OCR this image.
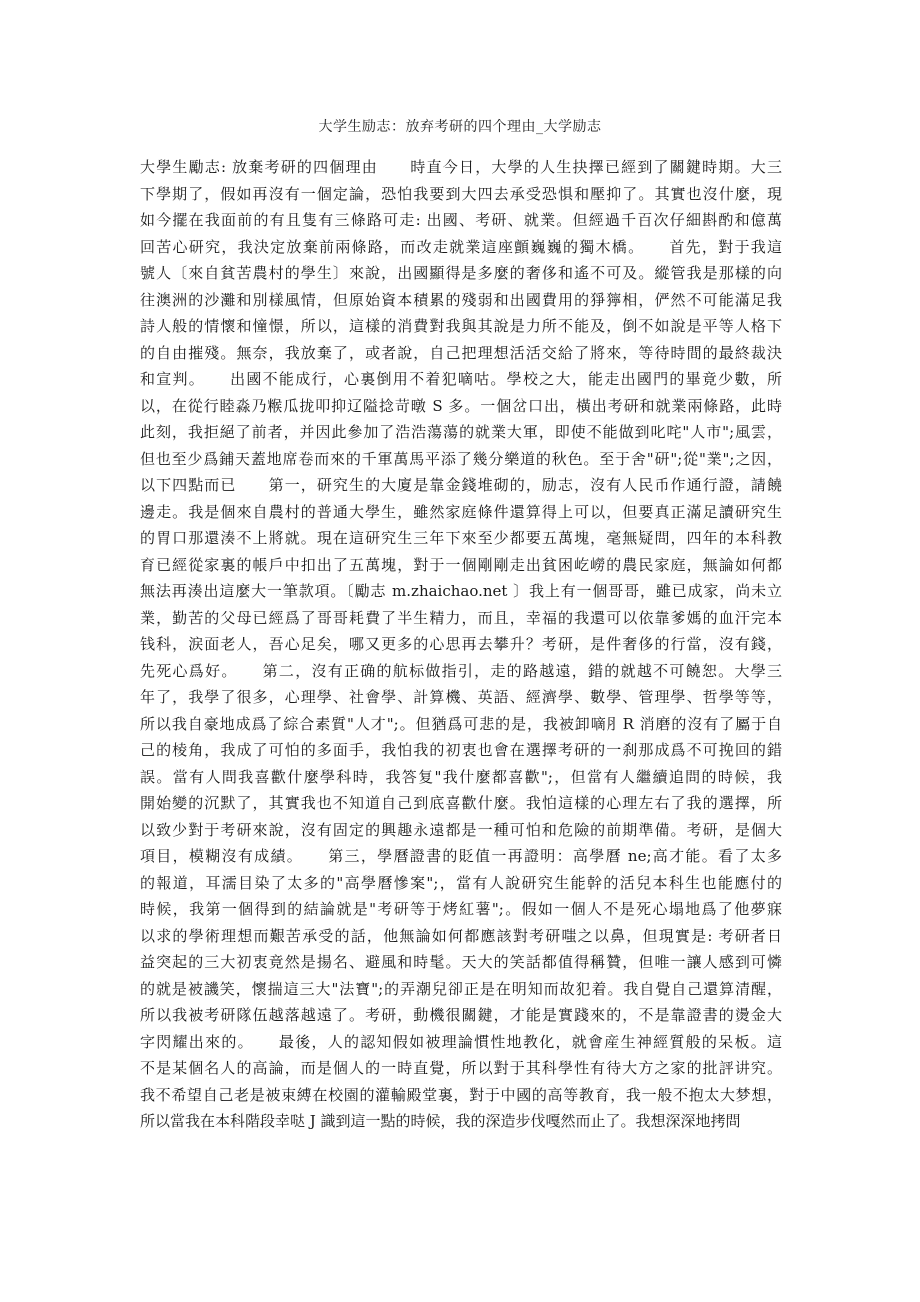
大学生励志：放弃考研的四个理由_大学励志
大學生勵志: 放棄考研的四個理由　　時直今日，大學的人生抉擇已經到了關鍵時期。大三
下學期了，假如再沒有一個定論，恐怕我要到大四去承受恐惧和壓抑了。其實也沒什麼，現
如今擺在我面前的有且隻有三條路可走: 出國、考研、就業。但經過千百次仔細斟酌和億萬
回苦心研究，我決定放棄前兩條路，而改走就業這座顫巍巍的獨木橋。　　首先，對于我這
號人〔來自貧苦農村的學生〕來說，出國顯得是多麼的奢侈和遙不可及。縱管我是那樣的向
往澳洲的沙灘和別樣風情，但原始資本積累的殘弱和出國費用的猙獰相，俨然不可能滿足我
詩人般的情懷和憧憬，所以，這樣的消費對我與其說是力所不能及，倒不如說是平等人格下
的自由摧殘。無奈，我放棄了，或者說，自己把理想活活交給了將來，等待時間的最終裁決
和宣判。　　出國不能成行，心裏倒用不着犯嘀咕。學校之大，能走出國門的畢竟少數，所
以，在從行睦淼乃糇瓜拢叩抑辽隘捻苛暾 S 多。一個岔口出，橫出考研和就業兩條路，此時
此刻，我拒絕了前者，并因此參加了浩浩蕩蕩的就業大軍，即使不能做到叱咤"人市";風雲，
但也至少爲鋪天蓋地席卷而來的千軍萬馬平添了幾分樂道的秋色。至于舍"研";從"業";之因，
以下四點而已　　第一，研究生的大廈是靠金錢堆砌的，励志，沒有人民币作通行證，請饒
邊走。我是個來自農村的普通大學生，雖然家庭條件還算得上可以，但要真正滿足讀研究生
的胃口那還湊不上將就。現在這研究生三年下來至少都要五萬塊，毫無疑問，四年的本科教
育已經從家裏的帳戶中扣出了五萬塊，對于一個剛剛走出貧困屹嶗的農民家庭，無論如何都
無法再湊出這麼大一筆款項。〔勵志 m.zhaichao.net 〕我上有一個哥哥，雖已成家，尚未立
業，勤苦的父母已經爲了哥哥耗費了半生精力，而且，幸福的我還可以依靠爹媽的血汗完本
钱科，涙面老人，吾心足矣，哪又更多的心思再去攀升？考研，是件奢侈的行當，沒有錢，
先死心爲好。　　第二，沒有正确的航标做指引，走的路越遠，錯的就越不可饒恕。大學三
年了，我學了很多，心理學、社會學、計算機、英語、經濟學、數學、管理學、哲學等等，
所以我自豪地成爲了綜合素質"人才";。但猶爲可悲的是，我被卸嘀⺼R 消磨的沒有了屬于自
己的棱角，我成了可怕的多面手，我怕我的初衷也會在選擇考研的一刹那成爲不可挽回的錯
誤。當有人問我喜歡什麼學科時，我答复"我什麼都喜歡";，但當有人繼續追問的時候，我
開始變的沉默了，其實我也不知道自己到底喜歡什麼。我怕這樣的心理左右了我的選擇，所
以致少對于考研來說，沒有固定的興趣永遠都是一種可怕和危險的前期準備。考研，是個大
項目，模糊沒有成績。　　第三，學曆證書的貶值一再證明：高學曆 ne;高才能。看了太多
的報道，耳濡目染了太多的"高學曆慘案";，當有人說研究生能幹的活兒本科生也能應付的
時候，我第一個得到的結論就是"考研等于烤紅薯";。假如一個人不是死心塌地爲了他夢寐
以求的學術理想而艱苦承受的話，他無論如何都應該對考研嗤之以鼻，但現實是: 考研者日
益突起的三大初衷竟然是揚名、避風和時髦。天大的笑話都值得稱贊，但唯一讓人感到可憐
的就是被譏笑，懷揣這三大"法寶";的弄潮兒卻正是在明知而故犯着。我自覺自己還算清醒，
所以我被考研隊伍越落越遠了。考研，動機很關鍵，才能是實踐來的，不是靠證書的燙金大
字閃耀出來的。　　最後，人的認知假如被理論慣性地教化，就會産生神經質般的呆板。這
不是某個名人的高論，而是個人的一時直覺，所以對于其科學性有待大方之家的批評讲究。
我不希望自己老是被束縛在校園的灌輸殿堂裏，對于中國的高等教育，我一般不抱太大梦想，
所以當我在本科階段幸哒 J 識到這一點的時候，我的深造步伐嘎然而止了。我想深深地拷問
